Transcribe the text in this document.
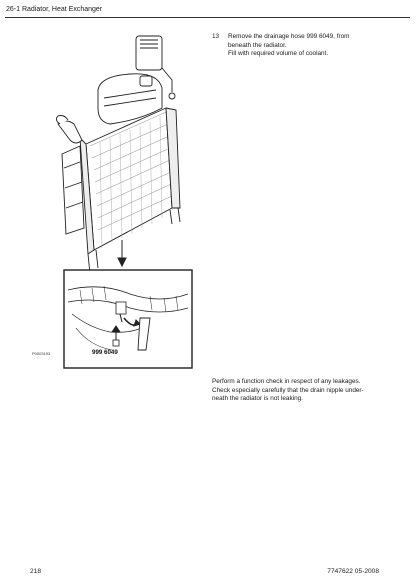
26-1 Radiator, Heat Exchanger
999 6049
P0003193
13 Remove the drainage hose 999 6049, from
beneath the radiator.
Fill with required volume of coolant.
Perform a function check in respect of any leakages.
Check especially carefully that the drain nipple under-
neath the radiator is not leaking.
218	7747622 05-2008
